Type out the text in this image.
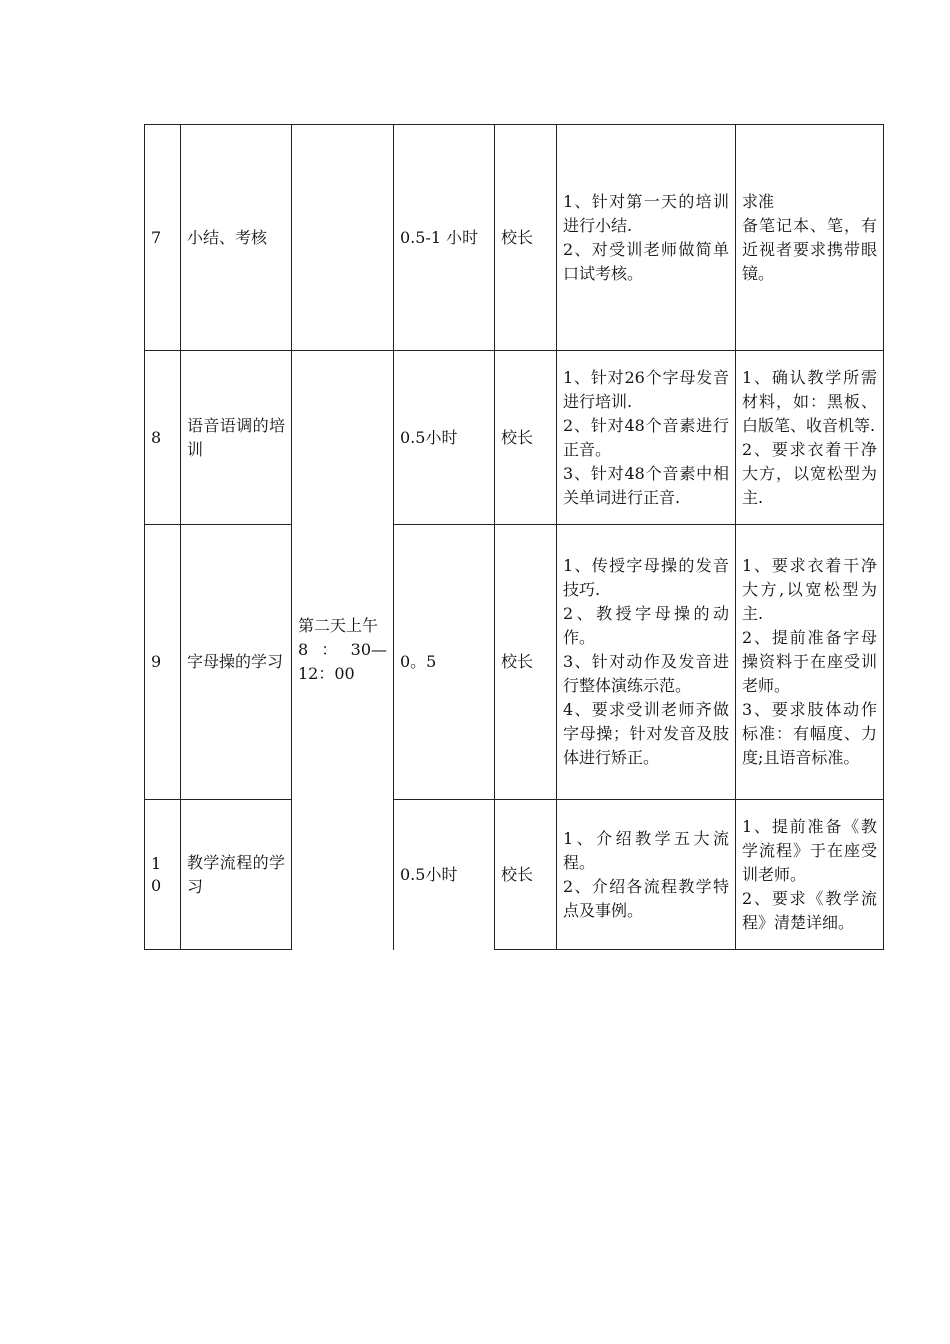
7	小结、考核		0.5-1 小时	校长	1、针对第一天的培训进行小结.
2、对受训老师做简单口试考核。	求准
备笔记本、笔，有近视者要求携带眼镜。

8	语音语调的培训	第二天上午
8：30—12：00	0.5小时	校长	1、针对26个字母发音进行培训.
2、针对48个音素进行正音。
3、针对48个音素中相关单词进行正音.	1、确认教学所需材料，如：黑板、白版笔、收音机等.
2、要求衣着干净大方，以宽松型为主.

9	字母操的学习		0。5	校长	1、传授字母操的发音技巧.
2、教授字母操的动作。
3、针对动作及发音进行整体演练示范。
4、要求受训老师齐做字母操；针对发音及肢体进行矫正。	1、要求衣着干净大方,以宽松型为主.
2、提前准备字母操资料于在座受训老师。
3、要求肢体动作标准：有幅度、力度;且语音标准。

1
0	教学流程的学习		0.5小时	校长	1、介绍教学五大流程。
2、介绍各流程教学特点及事例。	1、提前准备《教学流程》于在座受训老师。
2、要求《教学流程》清楚详细。
